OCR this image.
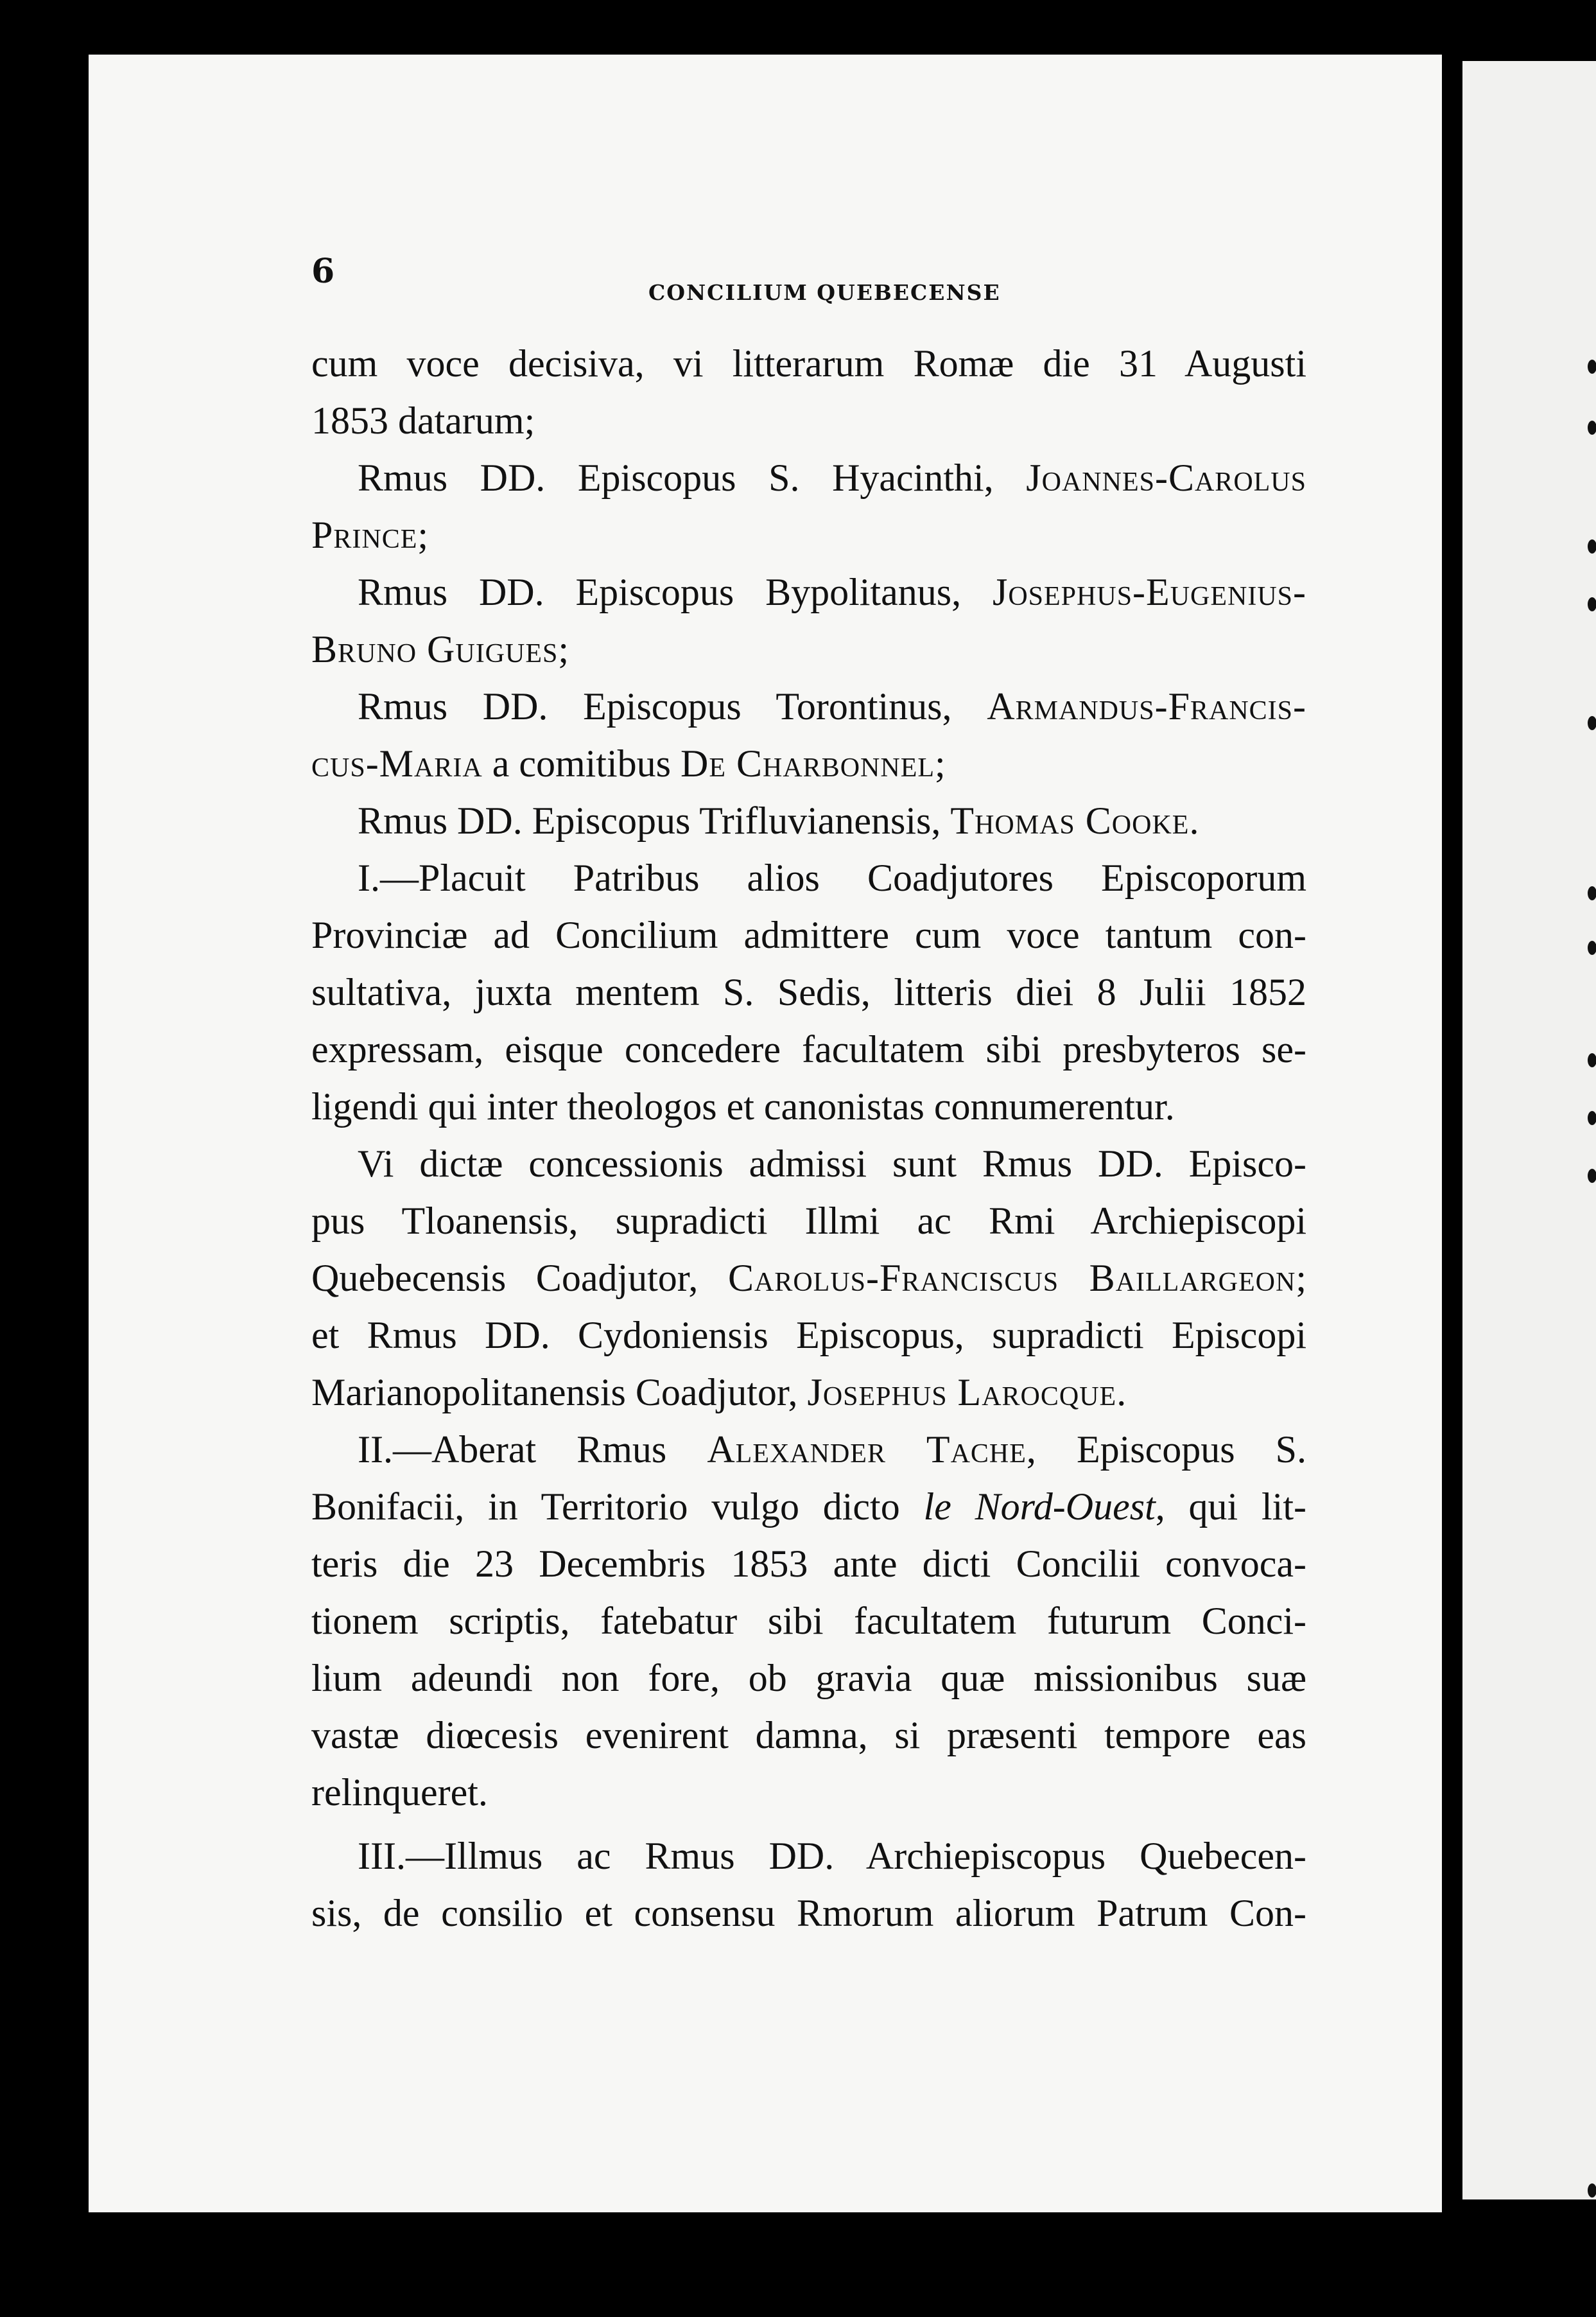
6
CONCILIUM QUEBECENSE
cum voce decisiva, vi litterarum Romæ die 31 Augusti
1853 datarum;
Rmus DD. Episcopus S. Hyacinthi, Joannes-Carolus
Prince;
Rmus DD. Episcopus Bypolitanus, Josephus-Eugenius-
Bruno Guigues;
Rmus DD. Episcopus Torontinus, Armandus-Francis-
cus-Maria a comitibus De Charbonnel;
Rmus DD. Episcopus Trifluvianensis, Thomas Cooke.
I.—Placuit Patribus alios Coadjutores Episcoporum
Provinciæ ad Concilium admittere cum voce tantum con-
sultativa, juxta mentem S. Sedis, litteris diei 8 Julii 1852
expressam, eisque concedere facultatem sibi presbyteros se-
ligendi qui inter theologos et canonistas connumerentur.
Vi dictæ concessionis admissi sunt Rmus DD. Episco-
pus Tloanensis, supradicti Illmi ac Rmi Archiepiscopi
Quebecensis Coadjutor, Carolus-Franciscus Baillargeon;
et Rmus DD. Cydoniensis Episcopus, supradicti Episcopi
Marianopolitanensis Coadjutor, Josephus Larocque.
II.—Aberat Rmus Alexander Tache, Episcopus S.
Bonifacii, in Territorio vulgo dicto le Nord-Ouest, qui lit-
teris die 23 Decembris 1853 ante dicti Concilii convoca-
tionem scriptis, fatebatur sibi facultatem futurum Conci-
lium adeundi non fore, ob gravia quæ missionibus suæ
vastæ diœcesis evenirent damna, si præsenti tempore eas
relinqueret.
III.—Illmus ac Rmus DD. Archiepiscopus Quebecen-
sis, de consilio et consensu Rmorum aliorum Patrum Con-
